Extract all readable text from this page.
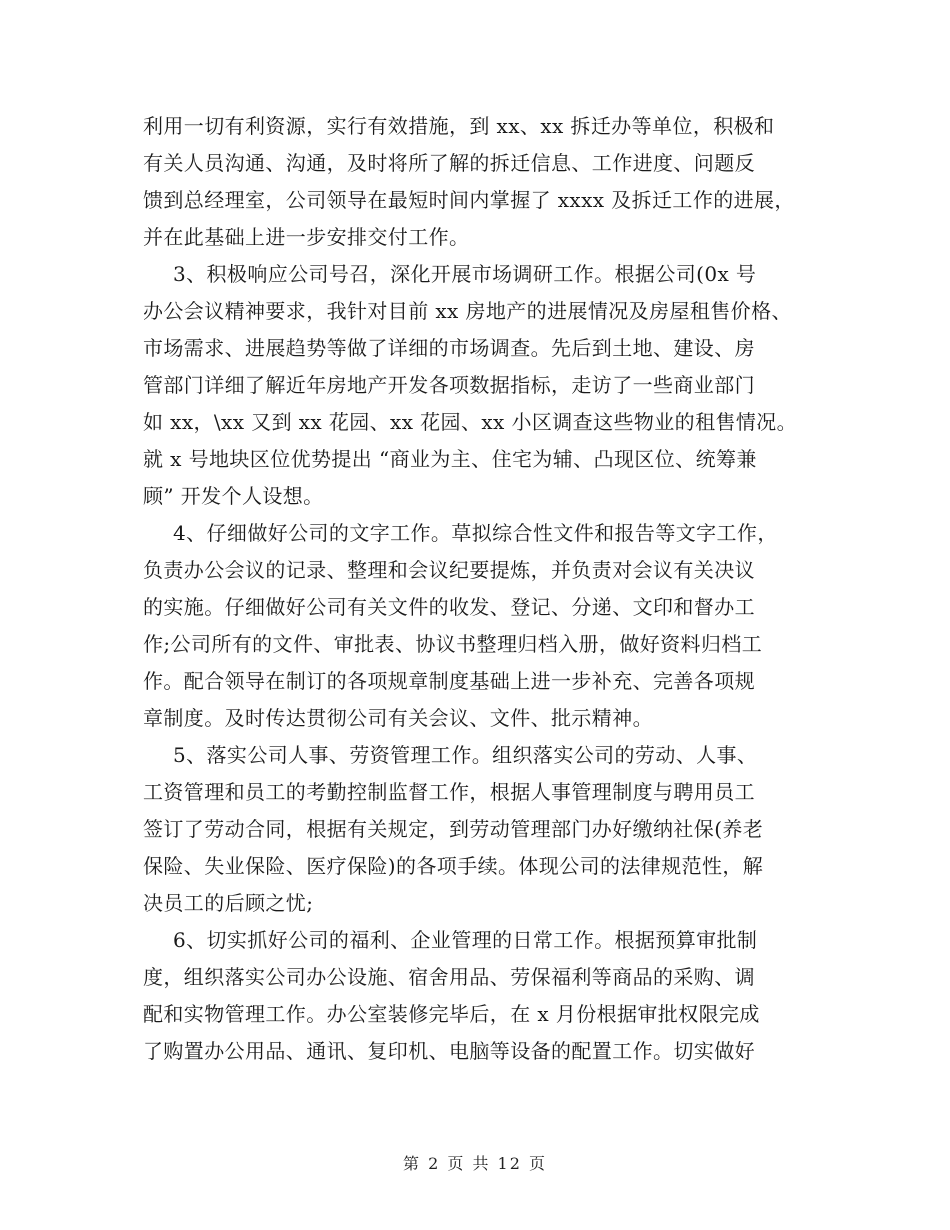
利用一切有利资源，实行有效措施，到 xx、xx 拆迁办等单位，积极和
有关人员沟通、沟通，及时将所了解的拆迁信息、工作进度、问题反
馈到总经理室，公司领导在最短时间内掌握了 xxxx 及拆迁工作的进展，
并在此基础上进一步安排交付工作。
3、积极响应公司号召，深化开展市场调研工作。根据公司(0x 号
办公会议精神要求，我针对目前 xx 房地产的进展情况及房屋租售价格、
市场需求、进展趋势等做了详细的市场调查。先后到土地、建设、房
管部门详细了解近年房地产开发各项数据指标，走访了一些商业部门
如 xx，\xx 又到 xx 花园、xx 花园、xx 小区调查这些物业的租售情况。
就 x 号地块区位优势提出 “商业为主、住宅为辅、凸现区位、统筹兼
顾” 开发个人设想。
4、仔细做好公司的文字工作。草拟综合性文件和报告等文字工作，
负责办公会议的记录、整理和会议纪要提炼，并负责对会议有关决议
的实施。仔细做好公司有关文件的收发、登记、分递、文印和督办工
作;公司所有的文件、审批表、协议书整理归档入册，做好资料归档工
作。配合领导在制订的各项规章制度基础上进一步补充、完善各项规
章制度。及时传达贯彻公司有关会议、文件、批示精神。
5、落实公司人事、劳资管理工作。组织落实公司的劳动、人事、
工资管理和员工的考勤控制监督工作，根据人事管理制度与聘用员工
签订了劳动合同，根据有关规定，到劳动管理部门办好缴纳社保(养老
保险、失业保险、医疗保险)的各项手续。体现公司的法律规范性，解
决员工的后顾之忧;
6、切实抓好公司的福利、企业管理的日常工作。根据预算审批制
度，组织落实公司办公设施、宿舍用品、劳保福利等商品的采购、调
配和实物管理工作。办公室装修完毕后，在 x 月份根据审批权限完成
了购置办公用品、通讯、复印机、电脑等设备的配置工作。切实做好
第 2 页 共 12 页
